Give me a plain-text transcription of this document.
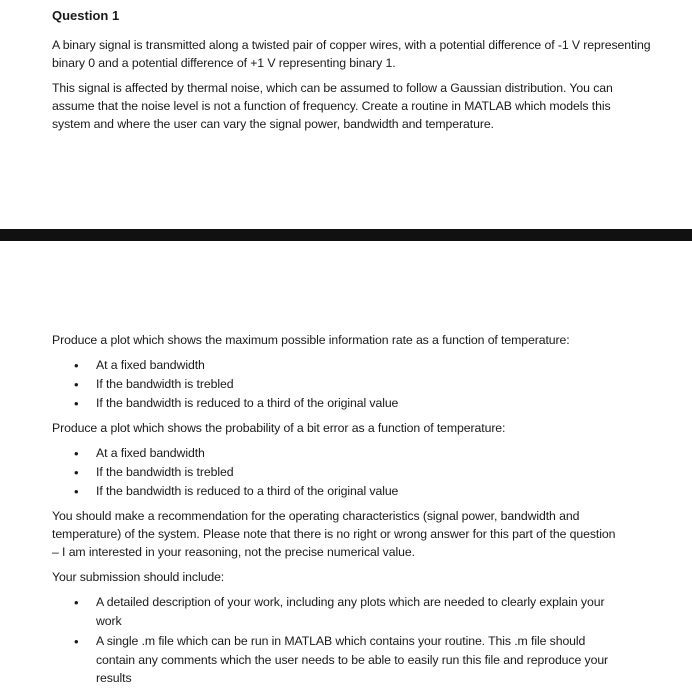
Question 1

A binary signal is transmitted along a twisted pair of copper wires, with a potential difference of -1 V representing binary 0 and a potential difference of +1 V representing binary 1.

This signal is affected by thermal noise, which can be assumed to follow a Gaussian distribution. You can assume that the noise level is not a function of frequency. Create a routine in MATLAB which models this system and where the user can vary the signal power, bandwidth and temperature.

Produce a plot which shows the maximum possible information rate as a function of temperature:

• At a fixed bandwidth
• If the bandwidth is trebled
• If the bandwidth is reduced to a third of the original value

Produce a plot which shows the probability of a bit error as a function of temperature:

• At a fixed bandwidth
• If the bandwidth is trebled
• If the bandwidth is reduced to a third of the original value

You should make a recommendation for the operating characteristics (signal power, bandwidth and temperature) of the system. Please note that there is no right or wrong answer for this part of the question – I am interested in your reasoning, not the precise numerical value.

Your submission should include:

• A detailed description of your work, including any plots which are needed to clearly explain your work
• A single .m file which can be run in MATLAB which contains your routine. This .m file should contain any comments which the user needs to be able to easily run this file and reproduce your results
